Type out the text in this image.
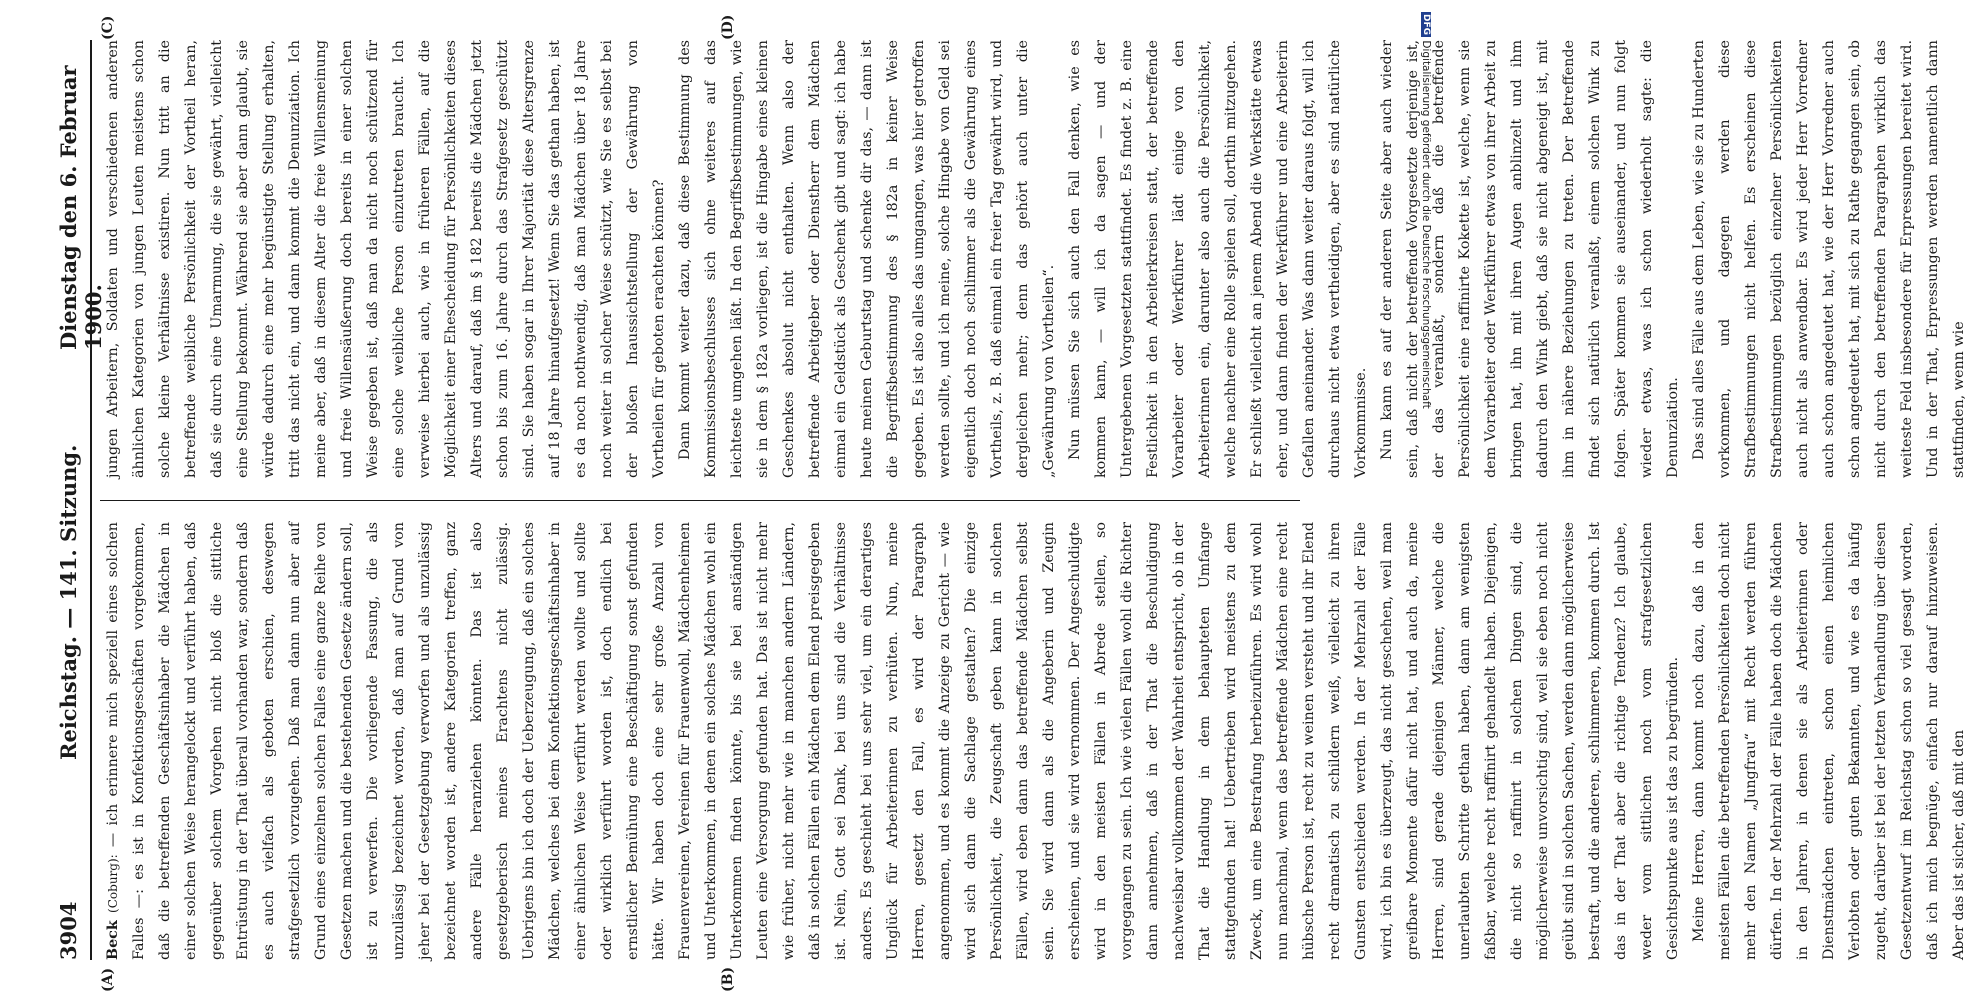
3904
Reichstag. — 141. Sitzung.
Dienstag den 6. Februar 1900.

Beck (Coburg): — ich erinnere mich speziell eines solchen Falles —: es ist in Konfektionsgeschäften vorgekommen, daß die betreffenden Geschäftsinhaber die Mädchen in einer solchen Weise herangelockt und verführt haben, daß gegenüber solchem Vorgehen nicht bloß die sittliche Entrüstung in der That überall vorhanden war, sondern daß es auch vielfach als geboten erschien, deswegen strafgesetzlich vorzugehen. Daß man dann nun aber auf Grund eines einzelnen solchen Falles eine ganze Reihe von Gesetzen machen und die bestehenden Gesetze ändern soll, ist zu verwerfen. Die vorliegende Fassung, die als unzulässig bezeichnet worden, daß man auf Grund von jeher bei der Gesetzgebung verworfen und als unzulässig bezeichnet worden ist, andere Kategorien treffen, ganz andere Fälle heranziehen könnten. Das ist also gesetzgeberisch meines Erachtens nicht zulässig. Uebrigens bin ich doch der Ueberzeugung, daß ein solches Mädchen, welches bei dem Konfektionsgeschäftsinhaber in einer ähnlichen Weise verführt werden wollte und sollte oder wirklich verführt worden ist, doch endlich bei ernstlicher Bemühung eine Beschäftigung sonst gefunden hätte. Wir haben doch eine sehr große Anzahl von Frauenvereinen, Vereinen für Frauenwohl, Mädchenheimen und Unterkommen, in denen ein solches Mädchen wohl ein Unterkommen finden könnte, bis sie bei anständigen Leuten eine Versorgung gefunden hat. Das ist nicht mehr wie früher, nicht mehr wie in manchen andern Ländern, daß in solchen Fällen ein Mädchen dem Elend preisgegeben ist. Nein, Gott sei Dank, bei uns sind die Verhältnisse anders. Es geschieht bei uns sehr viel, um ein derartiges Unglück für Arbeiterinnen zu verhüten. Nun, meine Herren, gesetzt den Fall, es wird der Paragraph angenommen, und es kommt die Anzeige zu Gericht — wie wird sich dann die Sachlage gestalten? Die einzige Persönlichkeit, die Zeugschaft geben kann in solchen Fällen, wird eben dann das betreffende Mädchen selbst sein. Sie wird dann als die Angeberin und Zeugin erscheinen, und sie wird vernommen. Der Angeschuldigte wird in den meisten Fällen in Abrede stellen, so vorgegangen zu sein. Ich wie vielen Fällen wohl die Richter dann annehmen, daß in der That die Beschuldigung nachweisbar vollkommen der Wahrheit entspricht, ob in der That die Handlung in dem behaupteten Umfange stattgefunden hat! Uebertrieben wird meistens zu dem Zweck, um eine Bestrafung herbeizuführen. Es wird wohl nun manchmal, wenn das betreffende Mädchen eine recht hübsche Person ist, recht zu weinen versteht und ihr Elend recht dramatisch zu schildern weiß, vielleicht zu ihren Gunsten entschieden werden. In der Mehrzahl der Fälle wird, ich bin es überzeugt, das nicht geschehen, weil man greifbare Momente dafür nicht hat, und auch da, meine Herren, sind gerade diejenigen Männer, welche die unerlaubten Schritte gethan haben, dann am wenigsten faßbar, welche recht raffinirt gehandelt haben. Diejenigen, die nicht so raffinirt in solchen Dingen sind, die möglicherweise unvorsichtig sind, weil sie eben noch nicht geübt sind in solchen Sachen, werden dann möglicherweise bestraft, und die anderen, schlimmeren, kommen durch. Ist das in der That aber die richtige Tendenz? Ich glaube, weder vom sittlichen noch vom strafgesetzlichen Gesichtspunkte aus ist das zu begründen. Meine Herren, dann kommt noch dazu, daß in den meisten Fällen die betreffenden Persönlichkeiten doch nicht mehr den Namen „Jungfrau“ mit Recht werden führen dürfen. In der Mehrzahl der Fälle haben doch die Mädchen in den Jahren, in denen sie als Arbeiterinnen oder Dienstmädchen eintreten, schon einen heimlichen Verlobten oder guten Bekannten, und wie es da häufig zugeht, darüber ist bei der letzten Verhandlung über diesen Gesetzentwurf im Reichstag schon so viel gesagt worden, daß ich mich begnüge, einfach nur darauf hinzuweisen. Aber das ist sicher, daß mit den

jungen Arbeitern, Soldaten und verschiedenen anderen ähnlichen Kategorien von jungen Leuten meistens schon solche kleine Verhältnisse existiren. Nun tritt an die betreffende weibliche Persönlichkeit der Vortheil heran, daß sie durch eine Umarmung, die sie gewährt, vielleicht eine Stellung bekommt. Während sie aber dann glaubt, sie würde dadurch eine mehr begünstigte Stellung erhalten, tritt das nicht ein, und dann kommt die Denunziation. Ich meine aber, daß in diesem Alter die freie Willensmeinung und freie Willensäußerung doch bereits in einer solchen Weise gegeben ist, daß man da nicht noch schützend für eine solche weibliche Person einzutreten braucht. Ich verweise hierbei auch, wie in früheren Fällen, auf die Möglichkeit einer Ehescheidung für Persönlichkeiten dieses Alters und darauf, daß im § 182 bereits die Mädchen jetzt schon bis zum 16. Jahre durch das Strafgesetz geschützt sind. Sie haben sogar in Ihrer Majorität diese Altersgrenze auf 18 Jahre hinaufgesetzt! Wenn Sie das gethan haben, ist es da noch nothwendig, daß man Mädchen über 18 Jahre noch weiter in solcher Weise schützt, wie Sie es selbst bei der bloßen Inaussichtstellung der Gewährung von Vortheilen für geboten erachten können? Dann kommt weiter dazu, daß diese Bestimmung des Kommissionsbeschlusses sich ohne weiteres auf das leichteste umgehen läßt. In den Begriffsbestimmungen, wie sie in dem § 182a vorliegen, ist die Hingabe eines kleinen Geschenkes absolut nicht enthalten. Wenn also der betreffende Arbeitgeber oder Dienstherr dem Mädchen einmal ein Geldstück als Geschenk gibt und sagt: ich habe heute meinen Geburtstag und schenke dir das, — dann ist die Begriffsbestimmung des § 182a in keiner Weise gegeben. Es ist also alles das umgangen, was hier getroffen werden sollte, und ich meine, solche Hingabe von Geld sei eigentlich doch noch schlimmer als die Gewährung eines Vortheils, z. B. daß einmal ein freier Tag gewährt wird, und dergleichen mehr; denn das gehört auch unter die „Gewährung von Vortheilen“. Nun müssen Sie sich auch den Fall denken, wie es kommen kann, — will ich da sagen — und der Untergebenen Vorgesetzten stattfindet. Es findet z. B. eine Festlichkeit in den Arbeiterkreisen statt, der betreffende Vorarbeiter oder Werkführer lädt einige von den Arbeiterinnen ein, darunter also auch die Persönlichkeit, welche nachher eine Rolle spielen soll, dorthin mitzugehen. Er schließt vielleicht an jenem Abend die Werkstätte etwas eher, und dann finden der Werkführer und eine Arbeiterin Gefallen aneinander. Was dann weiter daraus folgt, will ich durchaus nicht etwa vertheidigen, aber es sind natürliche Vorkommnisse. Nun kann es auf der anderen Seite aber auch wieder sein, daß nicht der betreffende Vorgesetzte derjenige ist, der das veranlaßt, sondern daß die betreffende Persönlichkeit eine raffinirte Kokette ist, welche, wenn sie dem Vorarbeiter oder Werkführer etwas von ihrer Arbeit zu bringen hat, ihn mit ihren Augen anblinzelt und ihm dadurch den Wink giebt, daß sie nicht abgeneigt ist, mit ihm in nähere Beziehungen zu treten. Der Betreffende findet sich natürlich veranlaßt, einem solchen Wink zu folgen. Später kommen sie auseinander, und nun folgt wieder etwas, was ich schon wiederholt sagte: die Denunziation. Das sind alles Fälle aus dem Leben, wie sie zu Hunderten vorkommen, und dagegen werden diese Strafbestimmungen nicht helfen. Es erscheinen diese Strafbestimmungen bezüglich einzelner Persönlichkeiten auch nicht als anwendbar. Es wird jeder Herr Vorredner auch schon angedeutet hat, wie der Herr Vorredner auch schon angedeutet hat, mit sich zu Rathe gegangen sein, ob nicht durch den betreffenden Paragraphen wirklich das weiteste Feld insbesondere für Erpressungen bereitet wird. Und in der That, Erpressungen werden namentlich dann stattfinden, wenn wie

(A)	(B)
(C)	(D)	DFG Digitalisierung gefördert durch die Deutsche Forschungsgemeinschaft
